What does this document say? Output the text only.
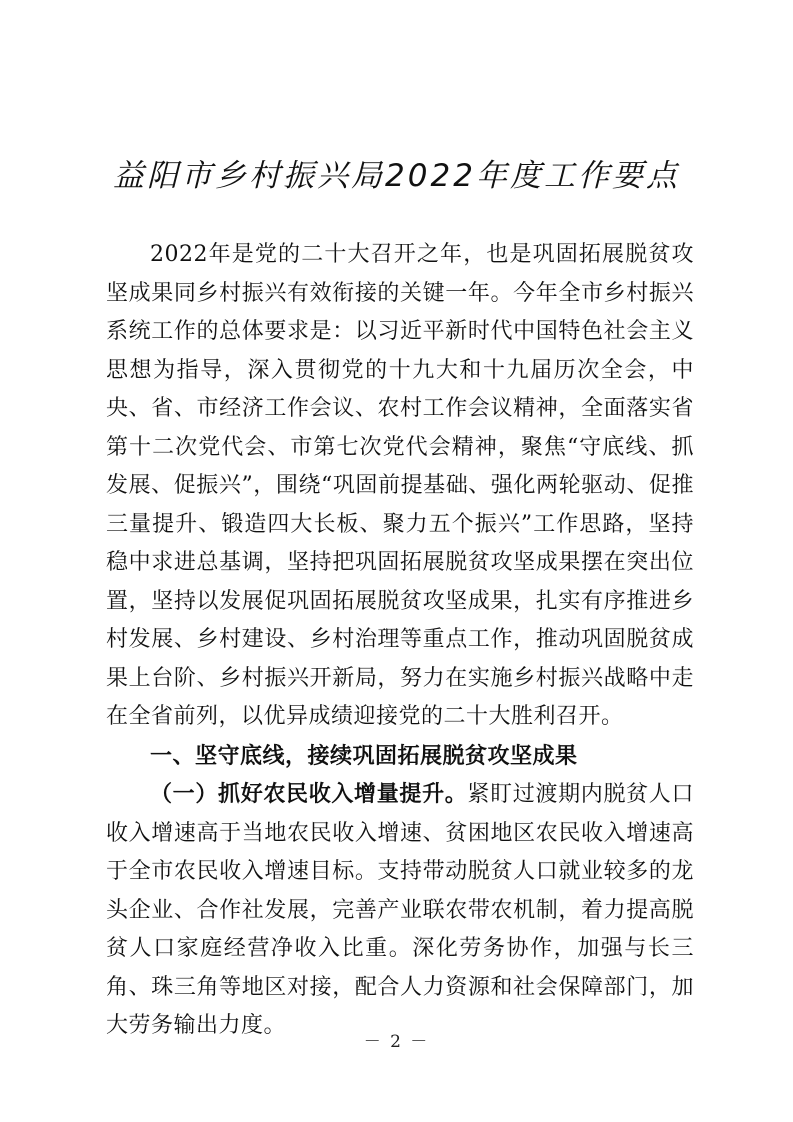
益阳市乡村振兴局2022年度工作要点
2022年是党的二十大召开之年，也是巩固拓展脱贫攻坚成果同乡村振兴有效衔接的关键一年。今年全市乡村振兴系统工作的总体要求是：以习近平新时代中国特色社会主义思想为指导，深入贯彻党的十九大和十九届历次全会，中央、省、市经济工作会议、农村工作会议精神，全面落实省第十二次党代会、市第七次党代会精神，聚焦“守底线、抓发展、促振兴”，围绕“巩固前提基础、强化两轮驱动、促推三量提升、锻造四大长板、聚力五个振兴”工作思路，坚持稳中求进总基调，坚持把巩固拓展脱贫攻坚成果摆在突出位置，坚持以发展促巩固拓展脱贫攻坚成果，扎实有序推进乡村发展、乡村建设、乡村治理等重点工作，推动巩固脱贫成果上台阶、乡村振兴开新局，努力在实施乡村振兴战略中走在全省前列，以优异成绩迎接党的二十大胜利召开。
一、坚守底线，接续巩固拓展脱贫攻坚成果
（一）抓好农民收入增量提升。紧盯过渡期内脱贫人口收入增速高于当地农民收入增速、贫困地区农民收入增速高于全市农民收入增速目标。支持带动脱贫人口就业较多的龙头企业、合作社发展，完善产业联农带农机制，着力提高脱贫人口家庭经营净收入比重。深化劳务协作，加强与长三角、珠三角等地区对接，配合人力资源和社会保障部门，加大劳务输出力度。
－ 2 －
